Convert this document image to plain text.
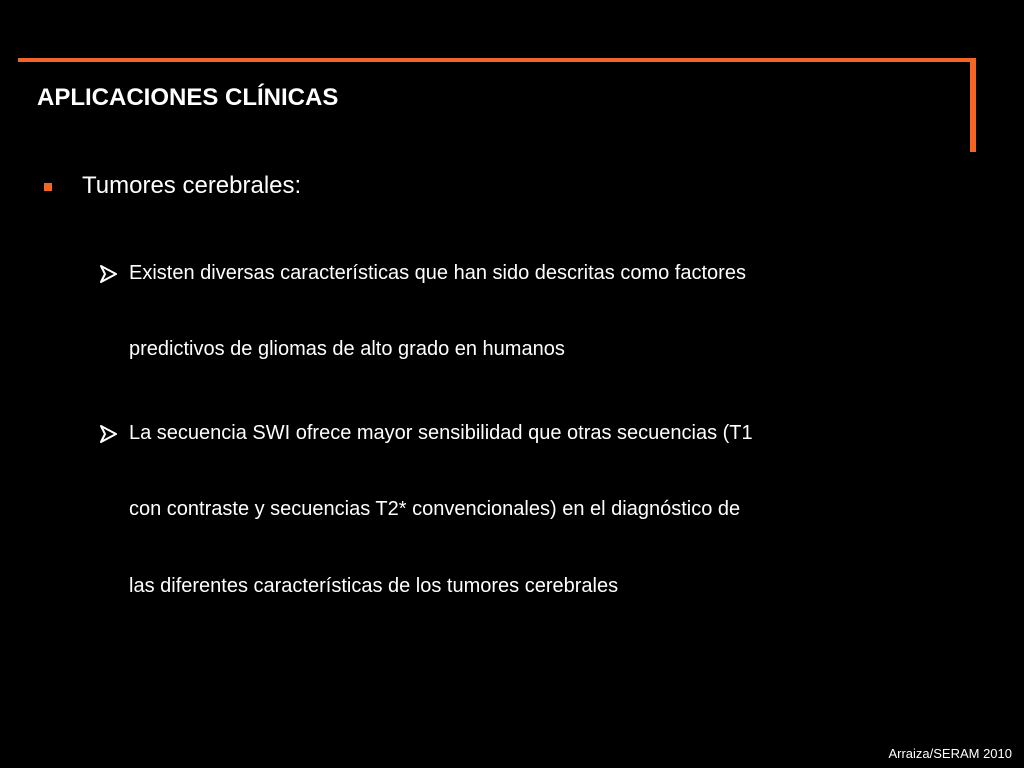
APLICACIONES CLÍNICAS
Tumores cerebrales:
Existen diversas características que han sido descritas como factores
predictivos de gliomas de alto grado en humanos
La secuencia SWI ofrece mayor sensibilidad que otras secuencias (T1
con contraste y secuencias T2* convencionales) en el diagnóstico de
las diferentes características de los tumores cerebrales
Arraiza/SERAM 2010
